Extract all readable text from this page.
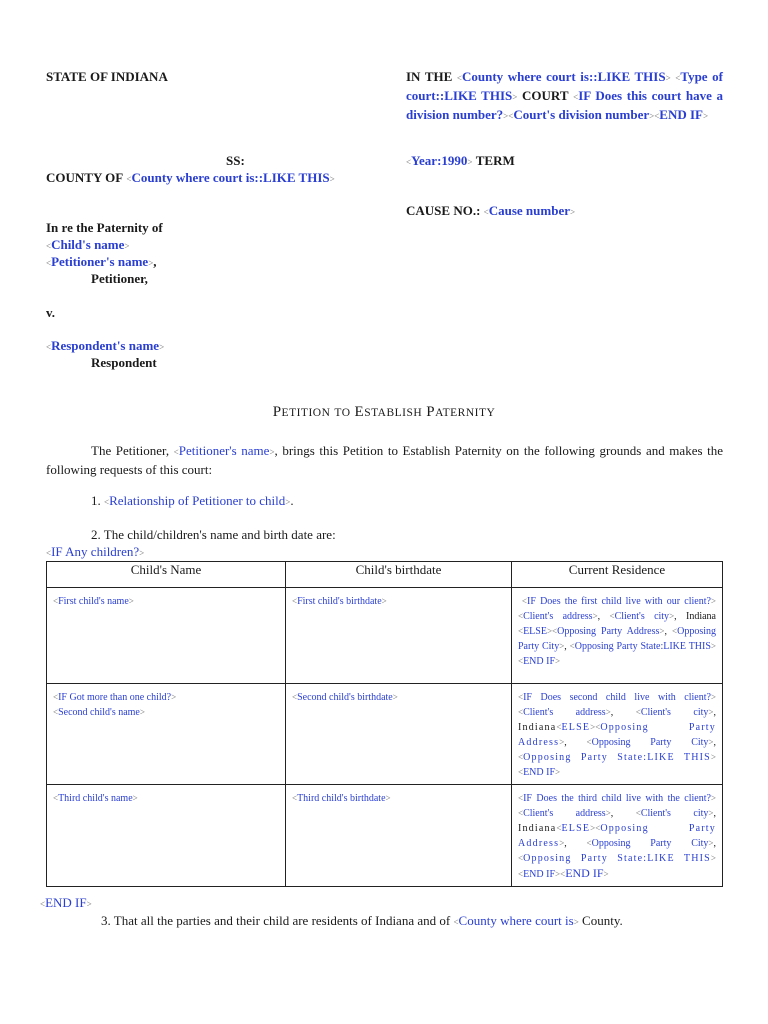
STATE OF INDIANA
SS:
COUNTY OF <County where court is::LIKE THIS>
IN THE <County where court is::LIKE THIS> <Type of court::LIKE THIS> COURT <IF Does this court have a division number?><Court's division number><END IF>
<Year:1990> TERM
CAUSE NO.: <Cause number>
In re the Paternity of
<Child's name>
<Petitioner's name>,
Petitioner,
v.
<Respondent's name>
Respondent
PETITION TO ESTABLISH PATERNITY
The Petitioner, <Petitioner's name>, brings this Petition to Establish Paternity on the following grounds and makes the following requests of this court:
1. <Relationship of Petitioner to child>.
2. The child/children's name and birth date are:
<IF Any children?>
Child's Name	Child's birthdate	Current Residence
<First child's name>	<First child's birthdate>	<IF Does the first child live with our client?> <Client's address>, <Client's city>, Indiana <ELSE><Opposing Party Address>, <Opposing Party City>, <Opposing Party State:LIKE THIS><END IF>
<IF Got more than one child?>
<Second child's name>	<Second child's birthdate>	<IF Does second child live with client?> <Client's address>, <Client's city>, Indiana<ELSE><Opposing Party Address>, <Opposing Party City>, <Opposing Party State:LIKE THIS><END IF>
<Third child's name>	<Third child's birthdate>	<IF Does the third child live with the client?><Client's address>, <Client's city>, Indiana<ELSE><Opposing Party Address>, <Opposing Party City>, <Opposing Party State:LIKE THIS><END IF><END IF>
<END IF>
3. That all the parties and their child are residents of Indiana and of <County where court is> County.
